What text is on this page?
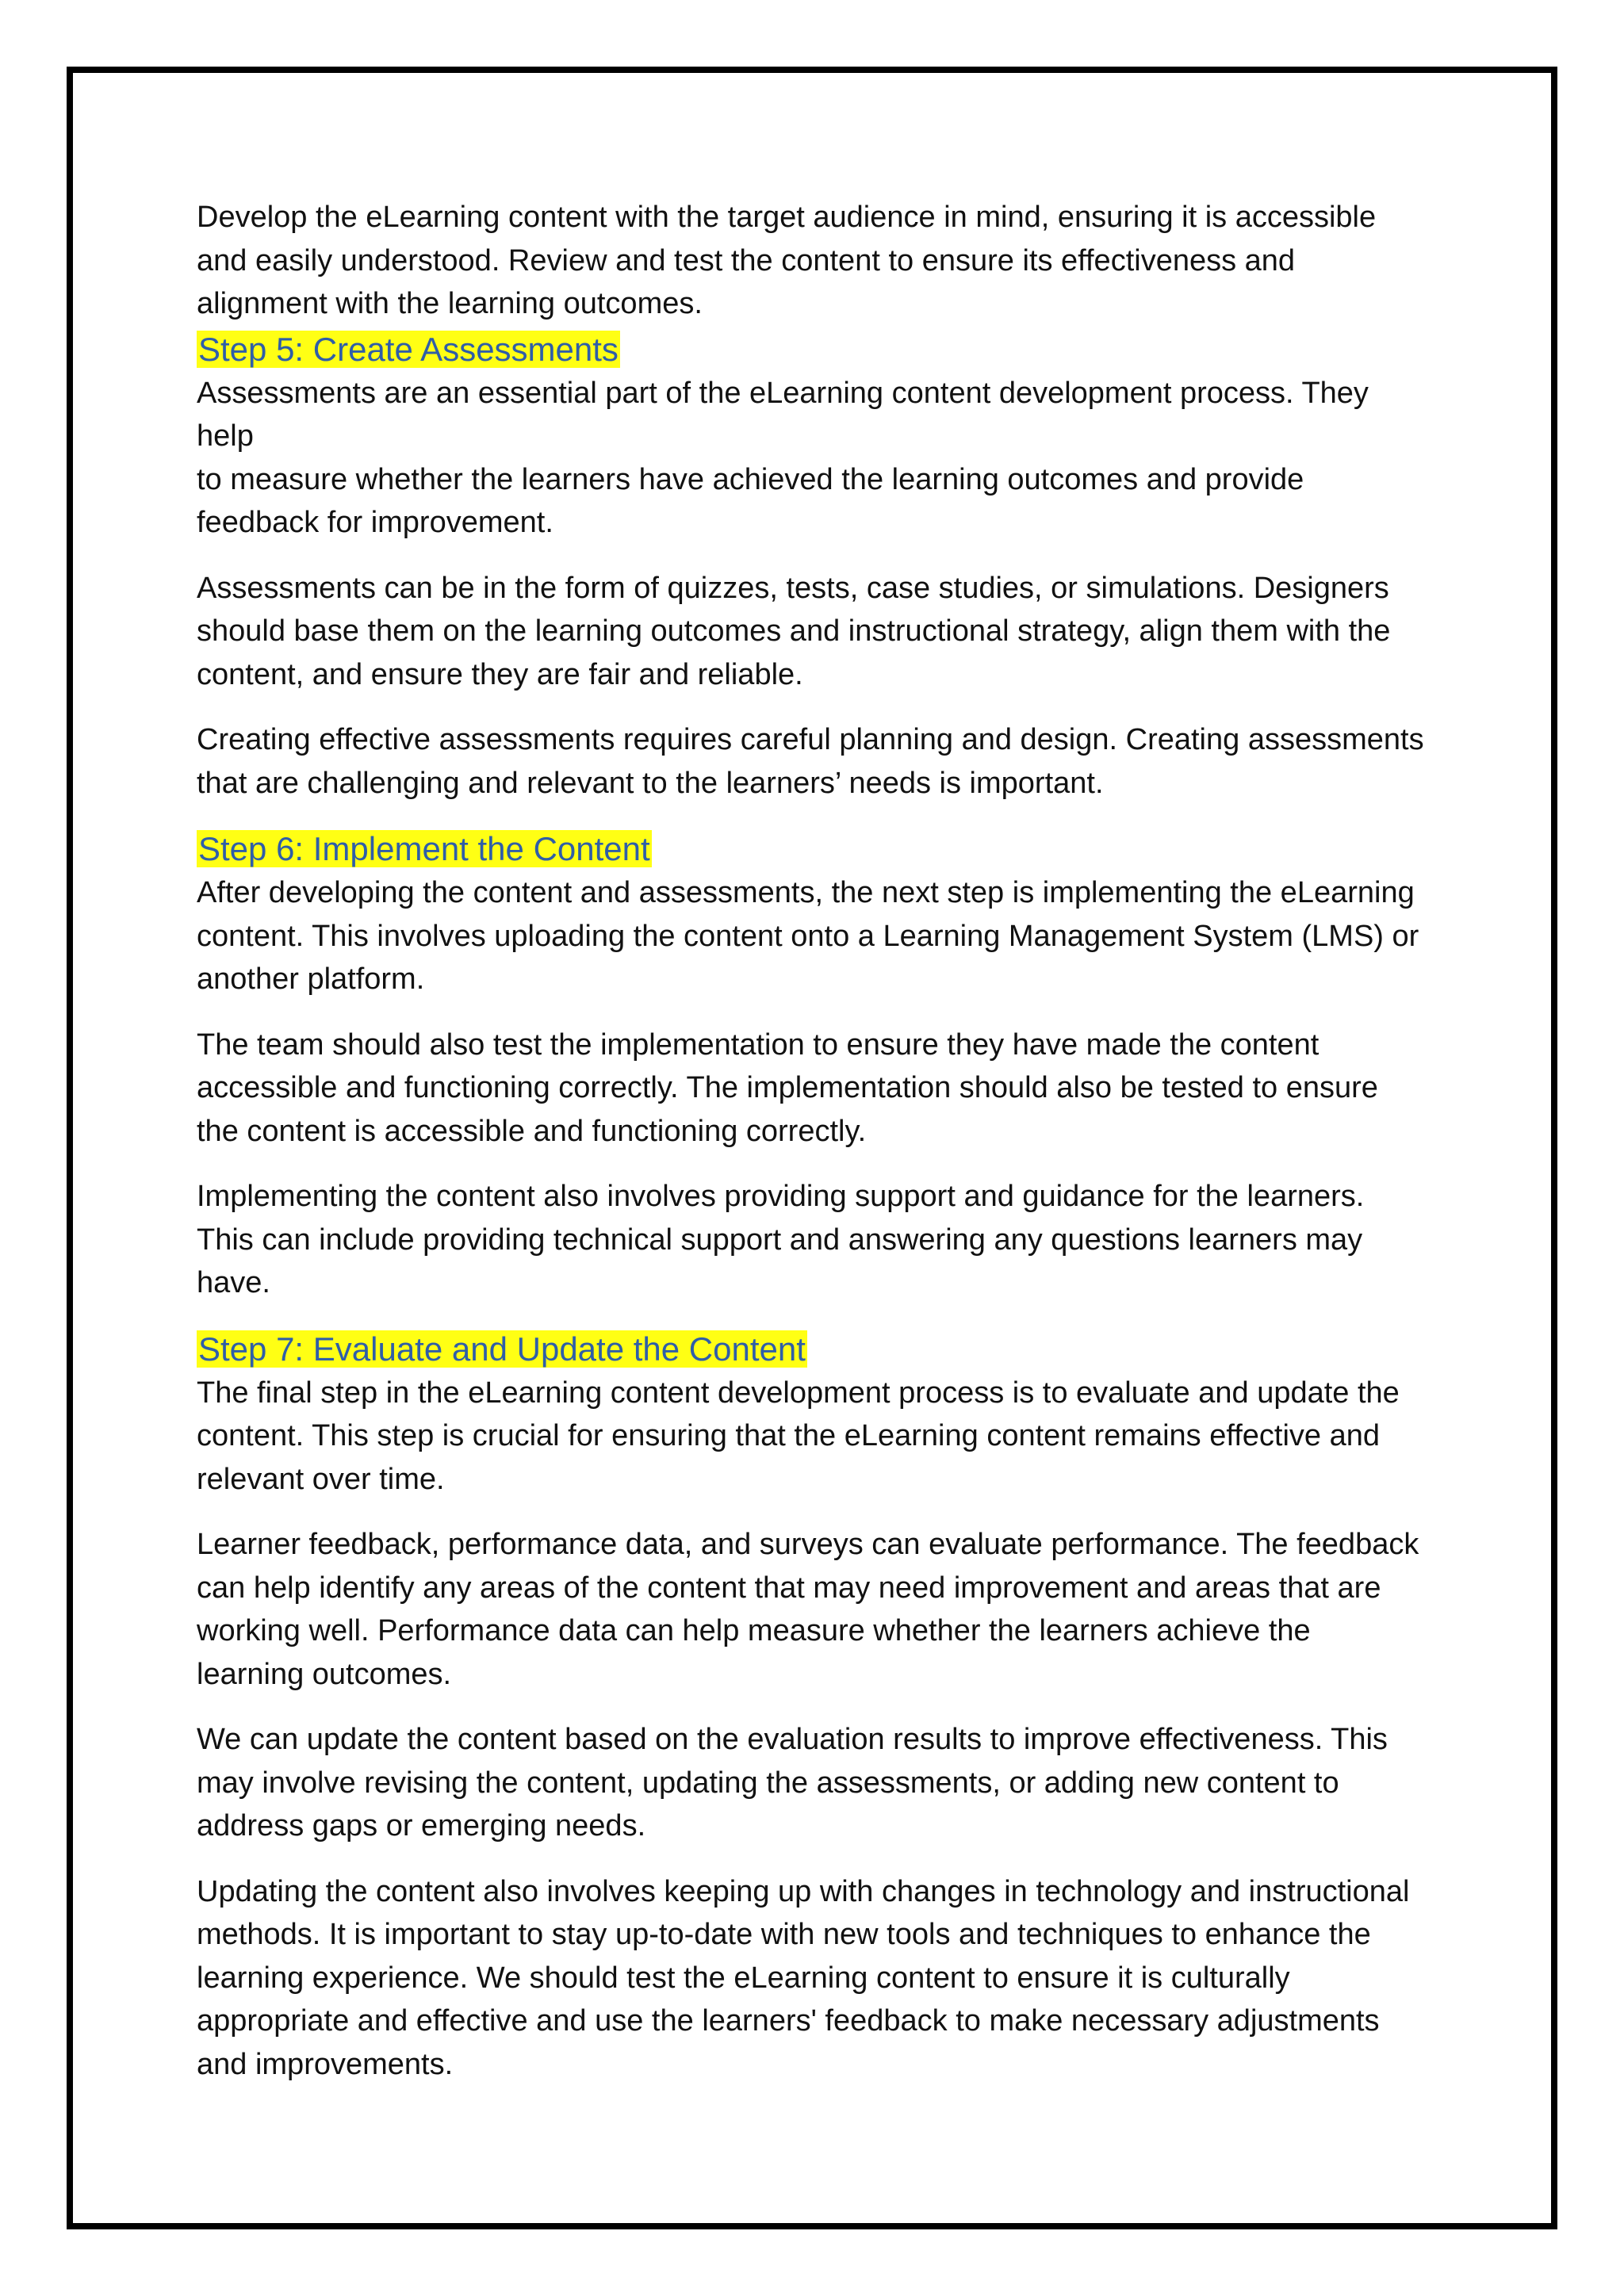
Develop the eLearning content with the target audience in mind, ensuring it is accessible
and easily understood. Review and test the content to ensure its effectiveness and
alignment with the learning outcomes.

Step 5: Create Assessments

Assessments are an essential part of the eLearning content development process. They help
to measure whether the learners have achieved the learning outcomes and provide
feedback for improvement.

Assessments can be in the form of quizzes, tests, case studies, or simulations. Designers
should base them on the learning outcomes and instructional strategy, align them with the
content, and ensure they are fair and reliable.

Creating effective assessments requires careful planning and design. Creating assessments
that are challenging and relevant to the learners’ needs is important.

Step 6: Implement the Content

After developing the content and assessments, the next step is implementing the eLearning
content. This involves uploading the content onto a Learning Management System (LMS) or
another platform.

The team should also test the implementation to ensure they have made the content
accessible and functioning correctly. The implementation should also be tested to ensure
the content is accessible and functioning correctly.

Implementing the content also involves providing support and guidance for the learners.
This can include providing technical support and answering any questions learners may
have.

Step 7: Evaluate and Update the Content

The final step in the eLearning content development process is to evaluate and update the
content. This step is crucial for ensuring that the eLearning content remains effective and
relevant over time.

Learner feedback, performance data, and surveys can evaluate performance. The feedback
can help identify any areas of the content that may need improvement and areas that are
working well. Performance data can help measure whether the learners achieve the
learning outcomes.

We can update the content based on the evaluation results to improve effectiveness. This
may involve revising the content, updating the assessments, or adding new content to
address gaps or emerging needs.

Updating the content also involves keeping up with changes in technology and instructional
methods. It is important to stay up-to-date with new tools and techniques to enhance the
learning experience. We should test the eLearning content to ensure it is culturally
appropriate and effective and use the learners' feedback to make necessary adjustments
and improvements.
